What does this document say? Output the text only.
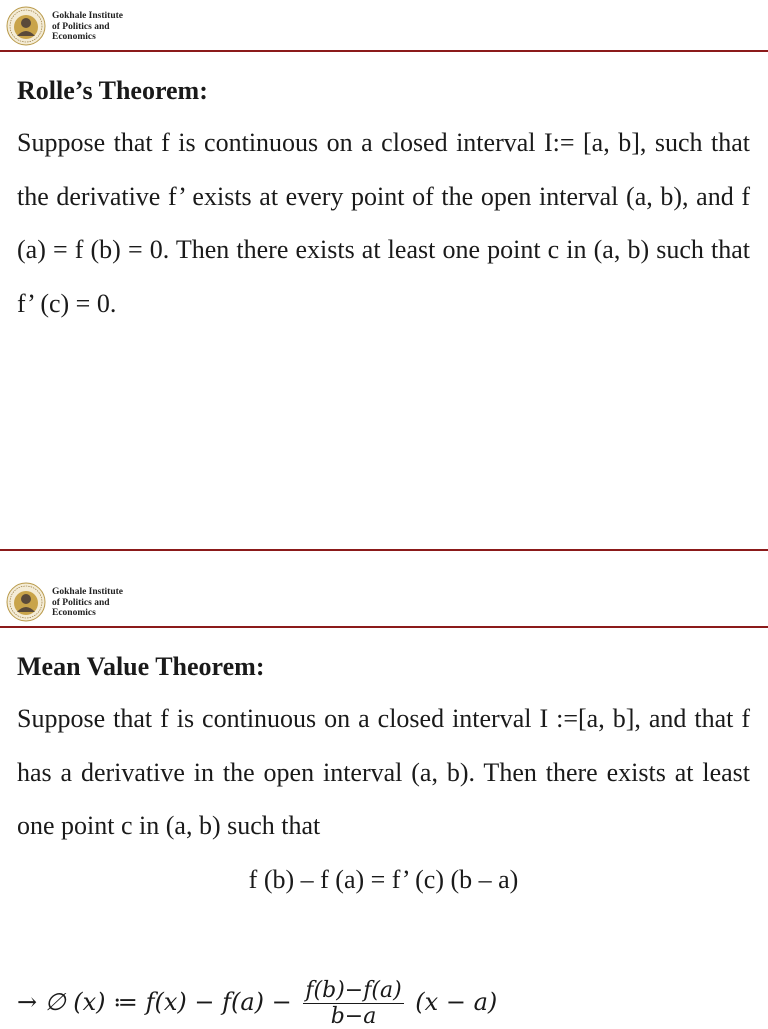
Gokhale Institute
of Politics and
Economics
Rolle’s Theorem:

Suppose that f is continuous on a closed interval I:= [a, b], such that the derivative f’ exists at every point of the open interval (a, b), and f (a) = f (b) = 0. Then there exists at least one point c in (a, b) such that f’ (c) = 0.

Gokhale Institute
of Politics and
Economics
Mean Value Theorem:

Suppose that f is continuous on a closed interval I :=[a, b], and that f has a derivative in the open interval (a, b). Then there exists at least one point c in (a, b) such that

f (b) – f (a) = f’ (c) (b – a)

→ ∅ (x) ≔ $f(x) - f(a) - \frac{f(b)-f(a)}{b-a} (x - a)$
